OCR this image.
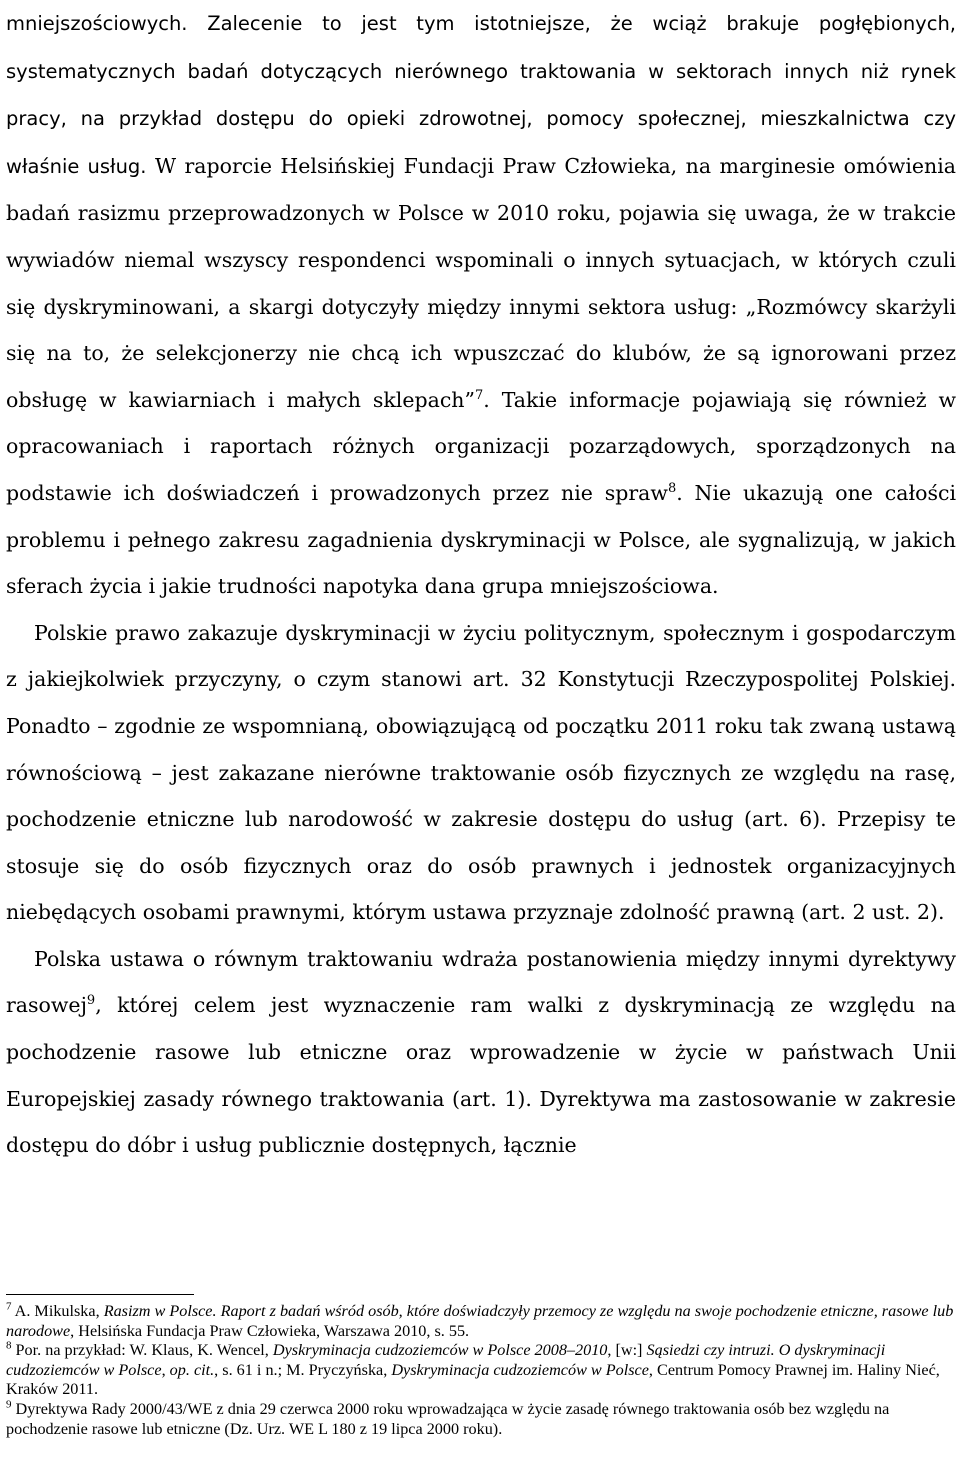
mniejszościowych. Zalecenie to jest tym istotniejsze, że wciąż brakuje pogłębionych, systematycznych badań dotyczących nierównego traktowania w sektorach innych niż rynek pracy, na przykład dostępu do opieki zdrowotnej, pomocy społecznej, mieszkalnictwa czy właśnie usług. W raporcie Helsińskiej Fundacji Praw Człowieka, na marginesie omówienia badań rasizmu przeprowadzonych w Polsce w 2010 roku, pojawia się uwaga, że w trakcie wywiadów niemal wszyscy respondenci wspominali o innych sytuacjach, w których czuli się dyskryminowani, a skargi dotyczyły między innymi sektora usług: „Rozmówcy skarżyli się na to, że selekcjonerzy nie chcą ich wpuszczać do klubów, że są ignorowani przez obsługę w kawiarniach i małych sklepach”$^7$. Takie informacje pojawiają się również w opracowaniach i raportach różnych organizacji pozarządowych, sporządzonych na podstawie ich doświadczeń i prowadzonych przez nie spraw$^8$. Nie ukazują one całości problemu i pełnego zakresu zagadnienia dyskryminacji w Polsce, ale sygnalizują, w jakich sferach życia i jakie trudności napotyka dana grupa mniejszościowa.

Polskie prawo zakazuje dyskryminacji w życiu politycznym, społecznym i gospodarczym z jakiejkolwiek przyczyny, o czym stanowi art. 32 Konstytucji Rzeczypospolitej Polskiej. Ponadto – zgodnie ze wspomnianą, obowiązującą od początku 2011 roku tak zwaną ustawą równościową – jest zakazane nierówne traktowanie osób fizycznych ze względu na rasę, pochodzenie etniczne lub narodowość w zakresie dostępu do usług (art. 6). Przepisy te stosuje się do osób fizycznych oraz do osób prawnych i jednostek organizacyjnych niebędących osobami prawnymi, którym ustawa przyznaje zdolność prawną (art. 2 ust. 2).

Polska ustawa o równym traktowaniu wdraża postanowienia między innymi dyrektywy rasowej$^9$, której celem jest wyznaczenie ram walki z dyskryminacją ze względu na pochodzenie rasowe lub etniczne oraz wprowadzenie w życie w państwach Unii Europejskiej zasady równego traktowania (art. 1). Dyrektywa ma zastosowanie w zakresie dostępu do dóbr i usług publicznie dostępnych, łącznie

$^7$ A. Mikulska, Rasizm w Polsce. Raport z badań wśród osób, które doświadczyły przemocy ze względu na swoje pochodzenie etniczne, rasowe lub narodowe, Helsińska Fundacja Praw Człowieka, Warszawa 2010, s. 55.

$^8$ Por. na przykład: W. Klaus, K. Wencel, Dyskryminacja cudzoziemców w Polsce 2008–2010, [w:] Sąsiedzi czy intruzi. O dyskryminacji cudzoziemców w Polsce, op. cit., s. 61 i n.; M. Pryczyńska, Dyskryminacja cudzoziemców w Polsce, Centrum Pomocy Prawnej im. Haliny Nieć, Kraków 2011.

$^9$ Dyrektywa Rady 2000/43/WE z dnia 29 czerwca 2000 roku wprowadzająca w życie zasadę równego traktowania osób bez względu na pochodzenie rasowe lub etniczne (Dz. Urz. WE L 180 z 19 lipca 2000 roku).
